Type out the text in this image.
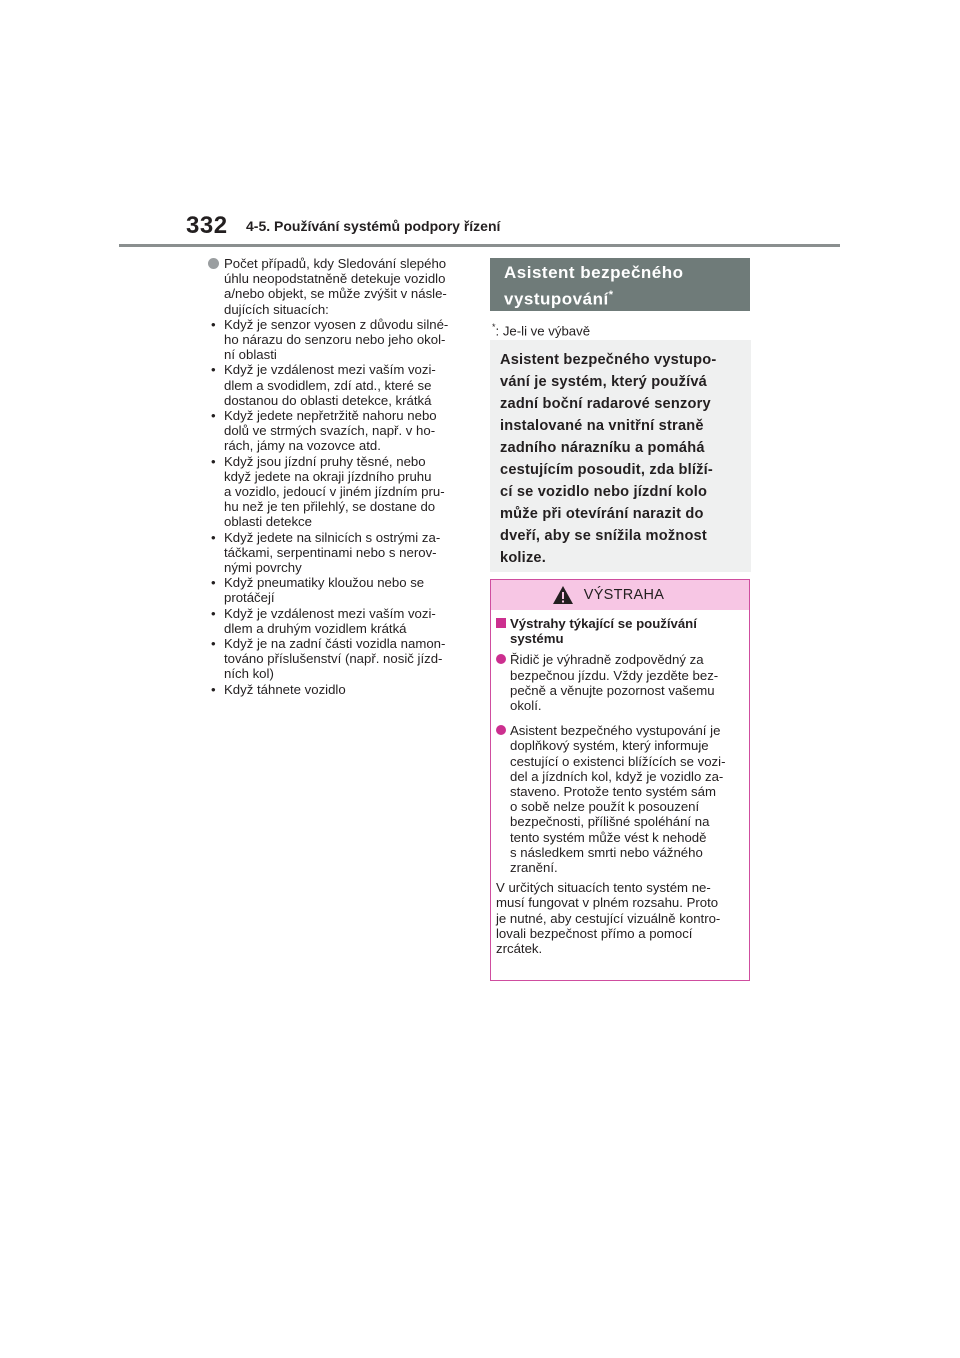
332 4-5. Používání systémů podpory řízení
Počet případů, kdy Sledování slepého
úhlu neopodstatněně detekuje vozidlo
a/nebo objekt, se může zvýšit v násle-
dujících situacích:
• Když je senzor vyosen z důvodu silné-
ho nárazu do senzoru nebo jeho okol-
ní oblasti
• Když je vzdálenost mezi vaším vozi-
dlem a svodidlem, zdí atd., které se
dostanou do oblasti detekce, krátká
• Když jedete nepřetržitě nahoru nebo
dolů ve strmých svazích, např. v ho-
rách, jámy na vozovce atd.
• Když jsou jízdní pruhy těsné, nebo
když jedete na okraji jízdního pruhu
a vozidlo, jedoucí v jiném jízdním pru-
hu než je ten přilehlý, se dostane do
oblasti detekce
• Když jedete na silnicích s ostrými za-
táčkami, serpentinami nebo s nerov-
nými povrchy
• Když pneumatiky kloužou nebo se
protáčejí
• Když je vzdálenost mezi vaším vozi-
dlem a druhým vozidlem krátká
• Když je na zadní části vozidla namon-
továno příslušenství (např. nosič jízd-
ních kol)
• Když táhnete vozidlo
Asistent bezpečného
vystupování*
*: Je-li ve výbavě
Asistent bezpečného vystupo-
vání je systém, který používá
zadní boční radarové senzory
instalované na vnitřní straně
zadního nárazníku a pomáhá
cestujícím posoudit, zda blíží-
cí se vozidlo nebo jízdní kolo
může při otevírání narazit do
dveří, aby se snížila možnost
kolize.
VÝSTRAHA
Výstrahy týkající se používání
systému
Řidič je výhradně zodpovědný za
bezpečnou jízdu. Vždy jezděte bez-
pečně a věnujte pozornost vašemu
okolí.
Asistent bezpečného vystupování je
doplňkový systém, který informuje
cestující o existenci blížících se vozi-
del a jízdních kol, když je vozidlo za-
staveno. Protože tento systém sám
o sobě nelze použít k posouzení
bezpečnosti, přílišné spoléhání na
tento systém může vést k nehodě
s následkem smrti nebo vážného
zranění.
V určitých situacích tento systém ne-
musí fungovat v plném rozsahu. Proto
je nutné, aby cestující vizuálně kontro-
lovali bezpečnost přímo a pomocí
zrcátek.
